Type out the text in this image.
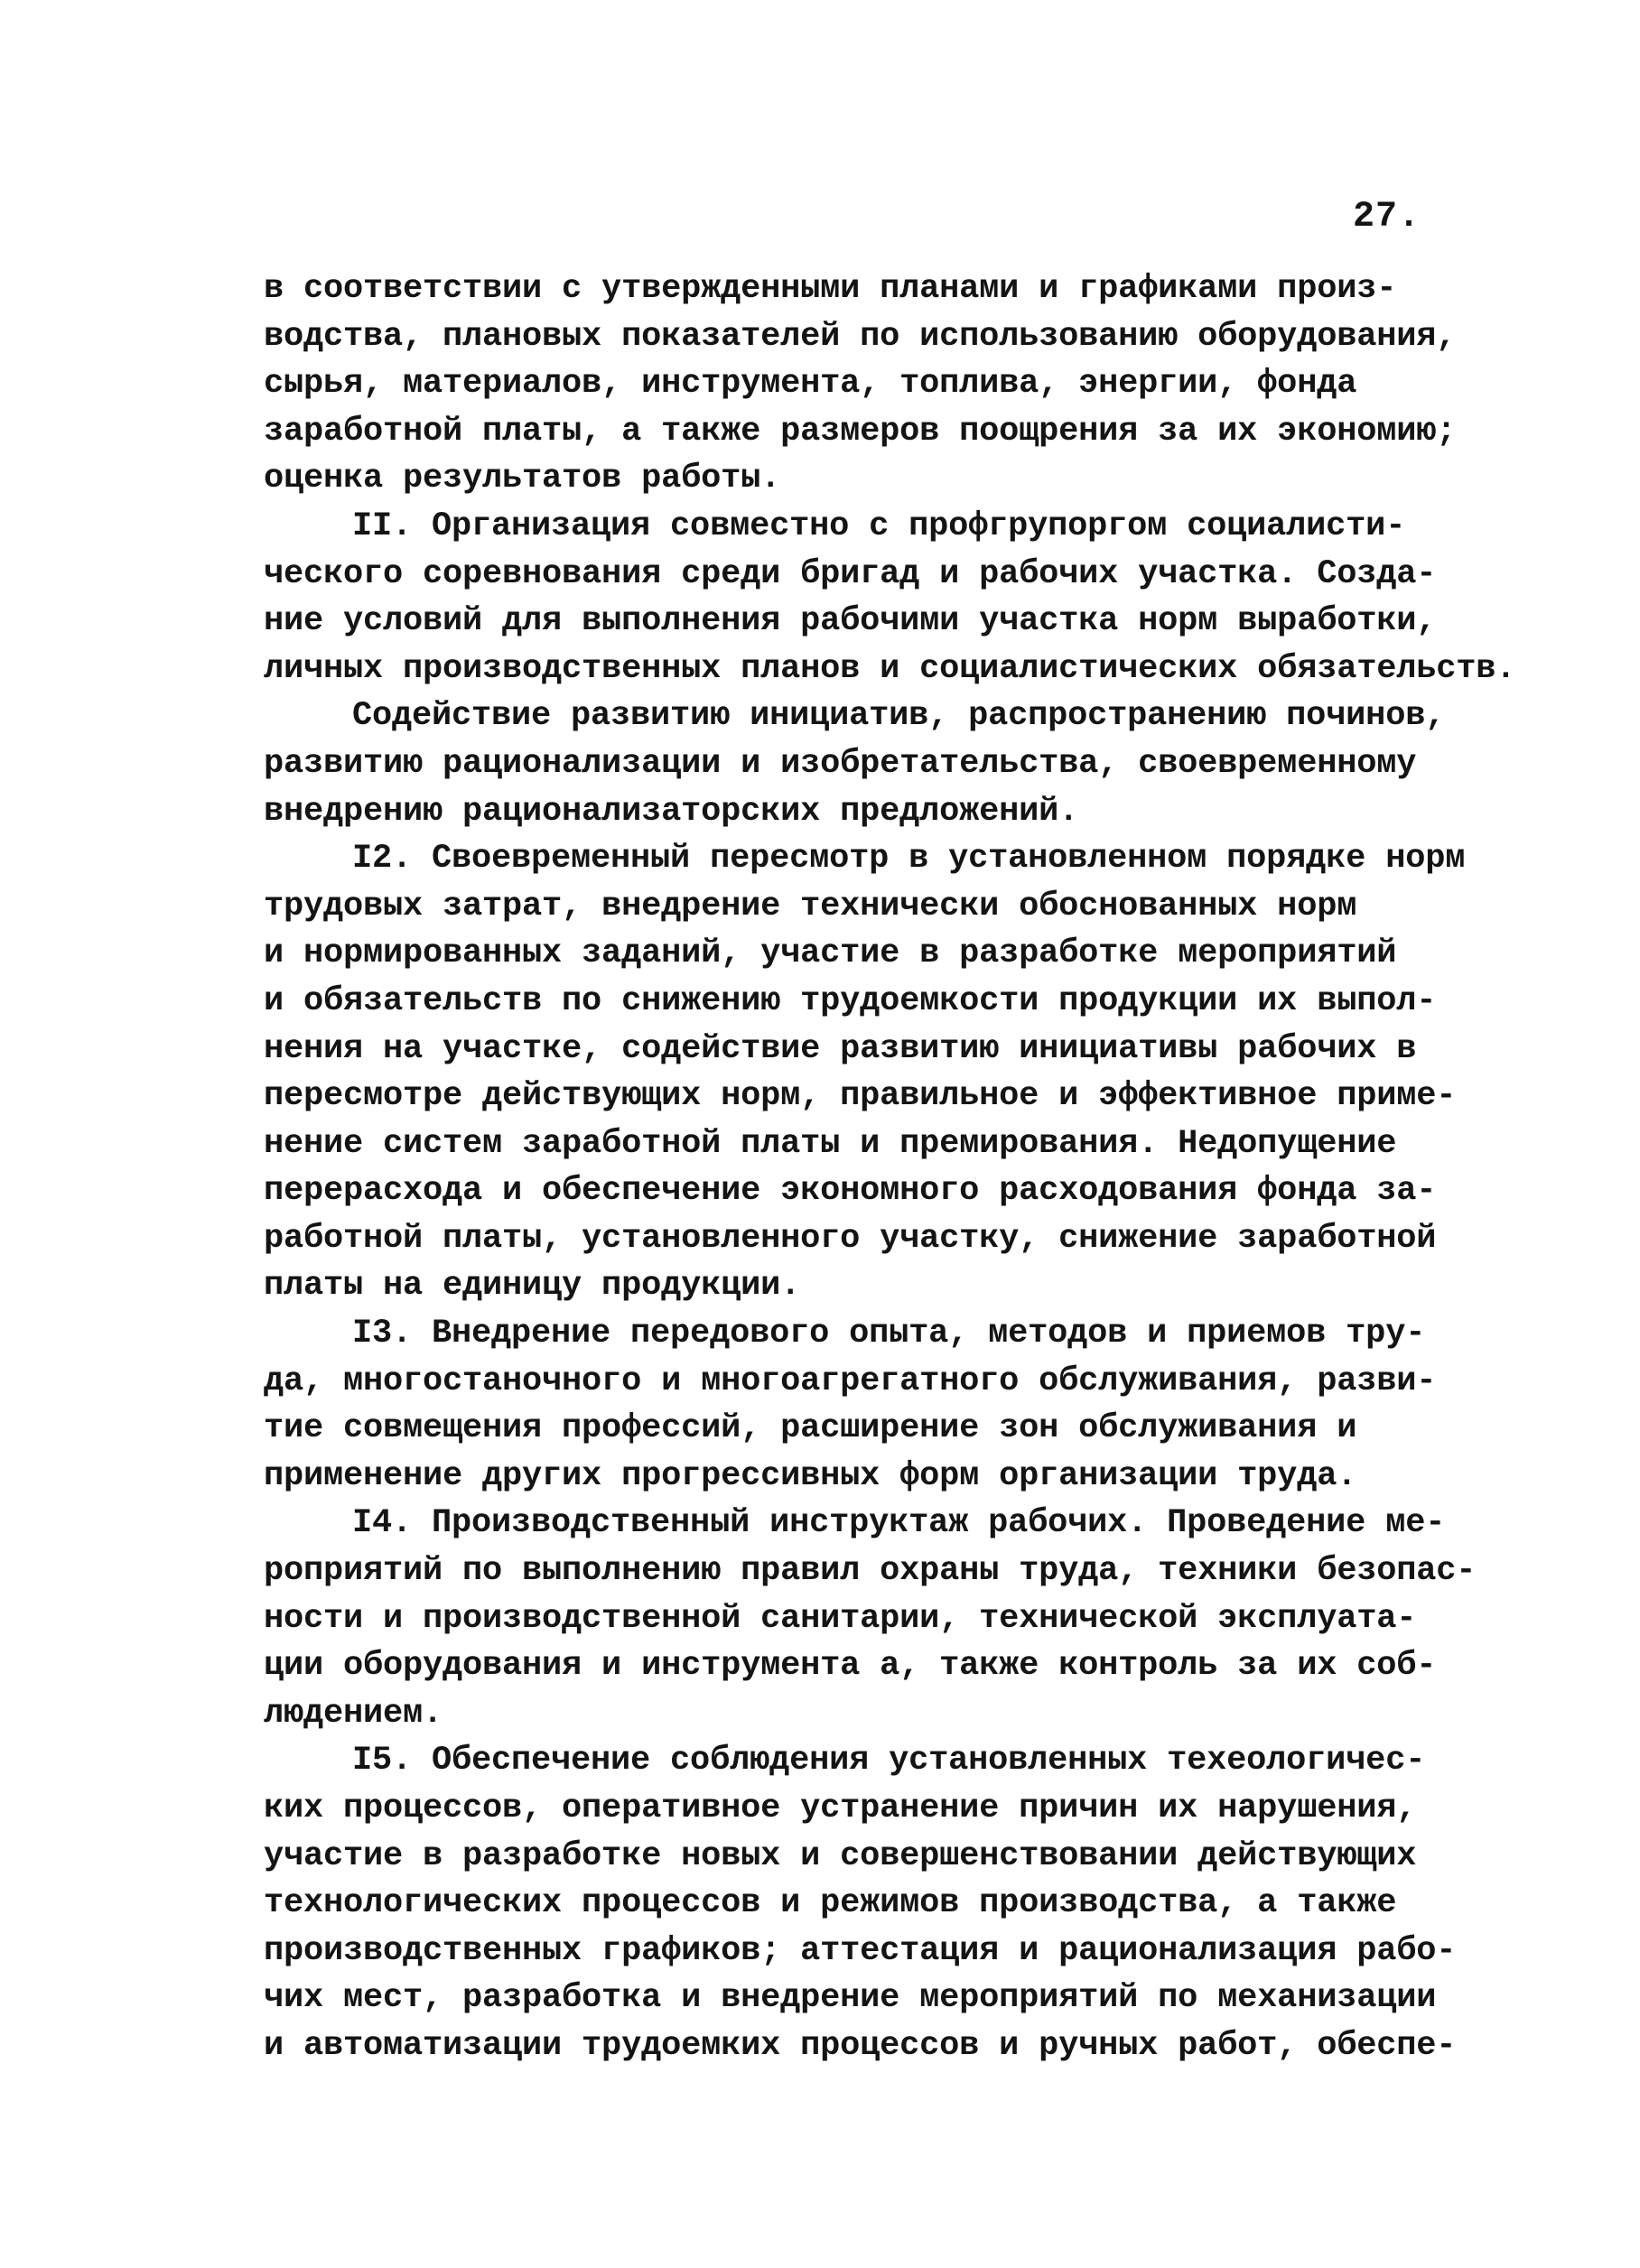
27.
в соответствии с утвержденными планами и графиками произ-
водства, плановых показателей по использованию оборудования,
сырья, материалов, инструмента, топлива, энергии, фонда
заработной платы, а также размеров поощрения за их экономию;
оценка результатов работы.
II. Организация совместно с профгрупоргом социалисти-
ческого соревнования среди бригад и рабочих участка. Созда-
ние условий для выполнения рабочими участка норм выработки,
личных производственных планов и социалистических обязательств.
Содействие развитию инициатив, распространению починов,
развитию рационализации и изобретательства, своевременному
внедрению рационализаторских предложений.
I2. Своевременный пересмотр в установленном порядке норм
трудовых затрат, внедрение технически обоснованных норм
и нормированных заданий, участие в разработке мероприятий
и обязательств по снижению трудоемкости продукции их выпол-
нения на участке, содействие развитию инициативы рабочих в
пересмотре действующих норм, правильное и эффективное приме-
нение систем заработной платы и премирования. Недопущение
перерасхода и обеспечение экономного расходования фонда за-
работной платы, установленного участку, снижение заработной
платы на единицу продукции.
I3. Внедрение передового опыта, методов и приемов тру-
да, многостаночного и многоагрегатного обслуживания, разви-
тие совмещения профессий, расширение зон обслуживания и
применение других прогрессивных форм организации труда.
I4. Производственный инструктаж рабочих. Проведение ме-
роприятий по выполнению правил охраны труда, техники безопас-
ности и производственной санитарии, технической эксплуата-
ции оборудования и инструмента а, также контроль за их соб-
людением.
I5. Обеспечение соблюдения установленных техеологичес-
ких процессов, оперативное устранение причин их нарушения,
участие в разработке новых и совершенствовании действующих
технологических процессов и режимов производства, а также
производственных графиков; аттестация и рационализация рабо-
чих мест, разработка и внедрение мероприятий по механизации
и автоматизации трудоемких процессов и ручных работ, обеспе-
